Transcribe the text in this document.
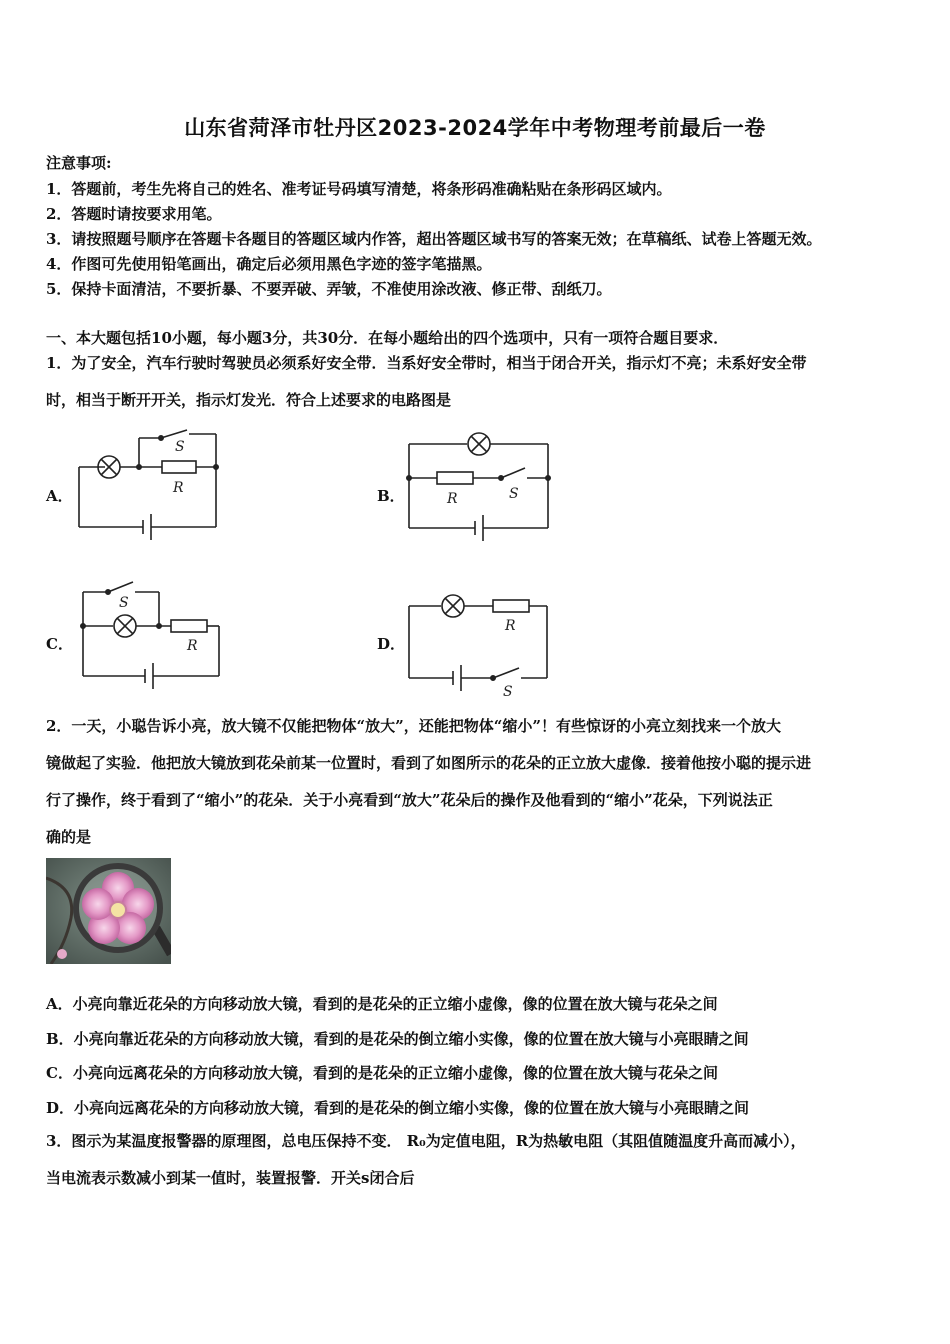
山东省菏泽市牡丹区2023-2024学年中考物理考前最后一卷
注意事项:
1．答题前，考生先将自己的姓名、准考证号码填写清楚，将条形码准确粘贴在条形码区域内。
2．答题时请按要求用笔。
3．请按照题号顺序在答题卡各题目的答题区域内作答，超出答题区域书写的答案无效；在草稿纸、试卷上答题无效。
4．作图可先使用铅笔画出，确定后必须用黑色字迹的签字笔描黑。
5．保持卡面清洁，不要折暴、不要弄破、弄皱，不准使用涂改液、修正带、刮纸刀。
一、本大题包括10小题，每小题3分，共30分．在每小题给出的四个选项中，只有一项符合题目要求．
1．为了安全，汽车行驶时驾驶员必须系好安全带．当系好安全带时，相当于闭合开关，指示灯不亮；未系好安全带
时，相当于断开开关，指示灯发光．符合上述要求的电路图是
A．
S
R	B．	R	S
C．
S
R	D．
R
S
2．一天，小聪告诉小亮，放大镜不仅能把物体“放大”，还能把物体“缩小”！有些惊讶的小亮立刻找来一个放大
镜做起了实验．他把放大镜放到花朵前某一位置时，看到了如图所示的花朵的正立放大虚像．接着他按小聪的提示进
行了操作，终于看到了“缩小”的花朵．关于小亮看到“放大”花朵后的操作及他看到的“缩小”花朵，下列说法正
确的是
A．小亮向靠近花朵的方向移动放大镜，看到的是花朵的正立缩小虚像，像的位置在放大镜与花朵之间
B．小亮向靠近花朵的方向移动放大镜，看到的是花朵的倒立缩小实像，像的位置在放大镜与小亮眼睛之间
C．小亮向远离花朵的方向移动放大镜，看到的是花朵的正立缩小虚像，像的位置在放大镜与花朵之间
D．小亮向远离花朵的方向移动放大镜，看到的是花朵的倒立缩小实像，像的位置在放大镜与小亮眼睛之间
3．图示为某温度报警器的原理图，总电压保持不变． R₀为定值电阻，R为热敏电阻（其阻值随温度升高而减小），
当电流表示数减小到某一值时，装置报警．开关s闭合后
